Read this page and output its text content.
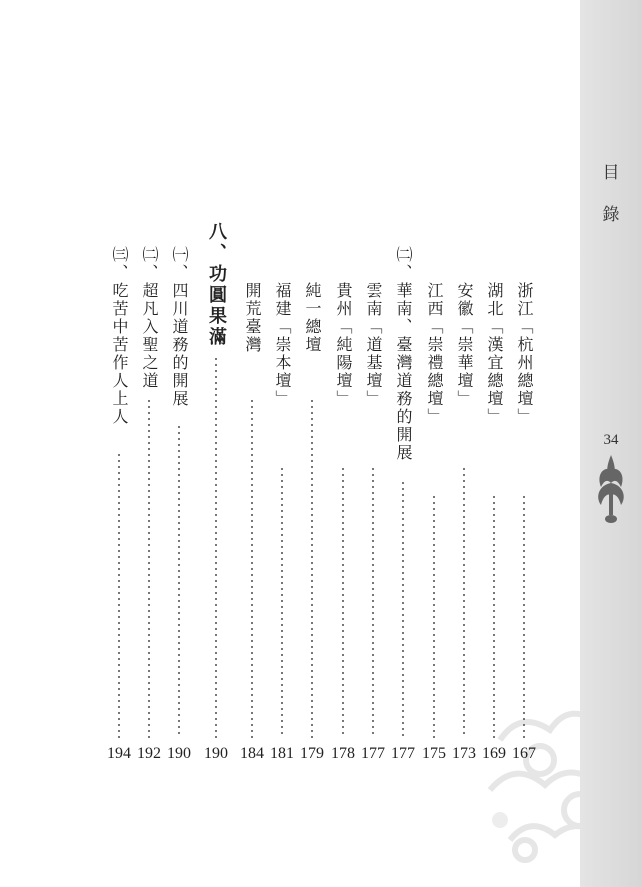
目
錄
34
浙江「杭州總壇」
167
湖北「漢宜總壇」
169
安徽「崇華壇」
173
江西「崇禮總壇」
175
㈡、華南、臺灣道務的開展
177
雲南「道基壇」
177
貴州「純陽壇」
178
純一總壇
179
福建「崇本壇」
181
開荒臺灣
184
八、功圓果滿
190
㈠、四川道務的開展
190
㈡、超凡入聖之道
192
㈢、吃苦中苦作人上人
194
